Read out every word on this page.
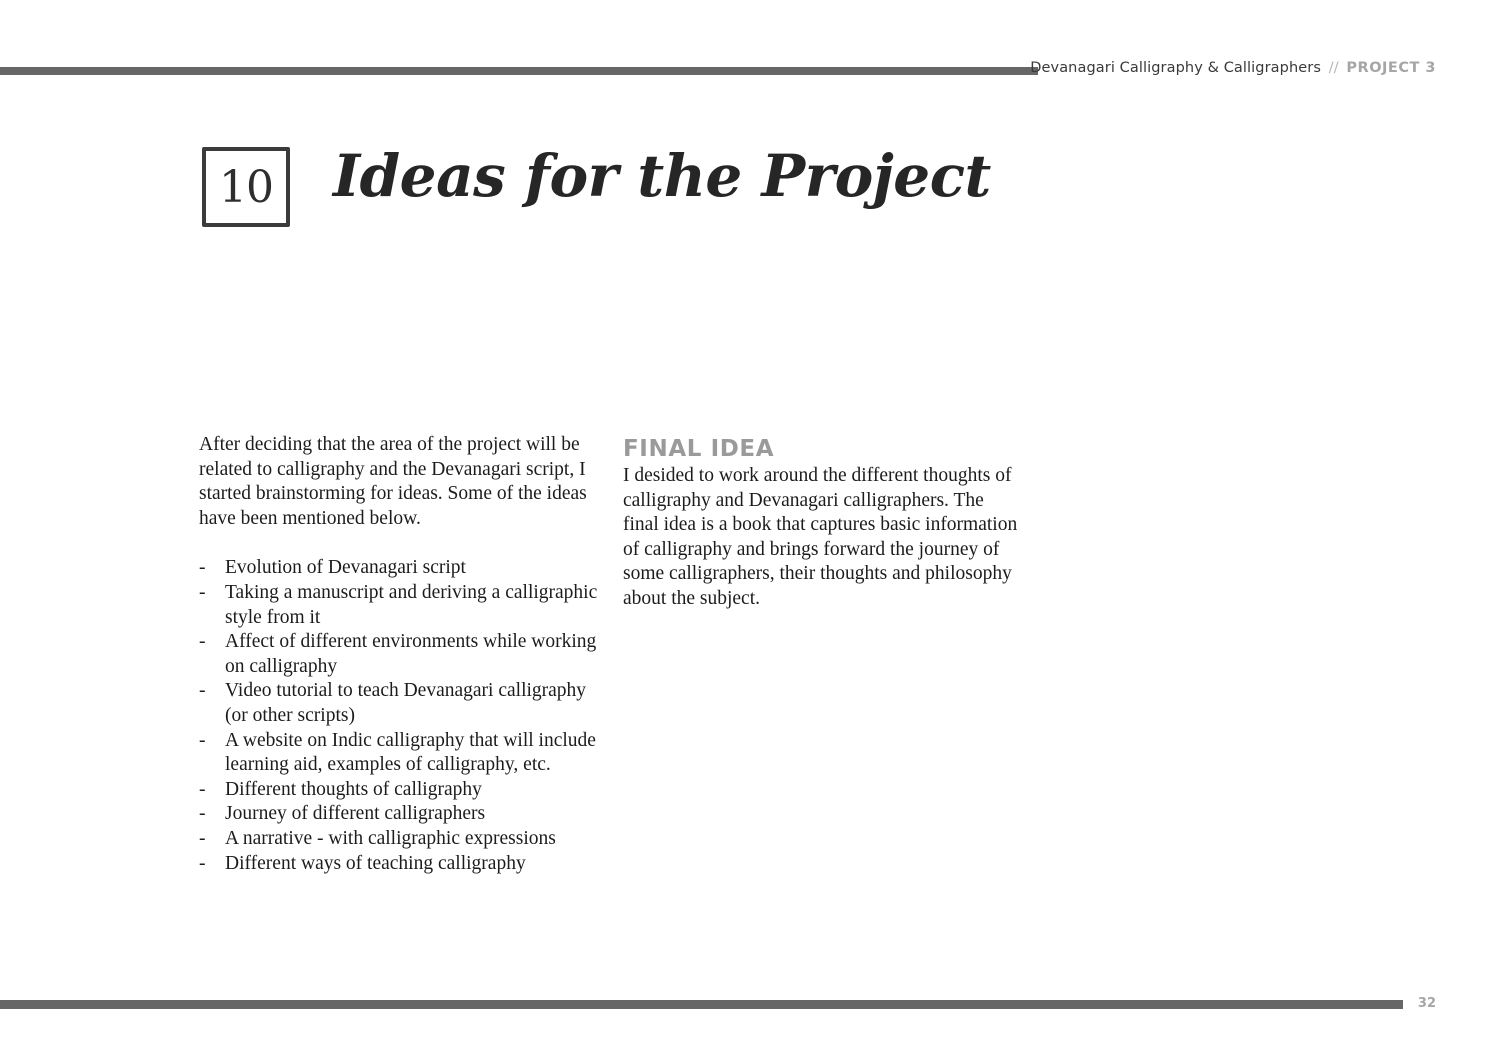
Devanagari Calligraphy & Calligraphers // PROJECT 3
10 Ideas for the Project

After deciding that the area of the project will be related to calligraphy and the Devanagari script, I started brainstorming for ideas. Some of the ideas have been mentioned below.

- Evolution of Devanagari script
- Taking a manuscript and deriving a calligraphic style from it
- Affect of different environments while working on calligraphy
- Video tutorial to teach Devanagari calligraphy (or other scripts)
- A website on Indic calligraphy that will include learning aid, examples of calligraphy, etc.
- Different thoughts of calligraphy
- Journey of different calligraphers
- A narrative - with calligraphic expressions
- Different ways of teaching calligraphy
FINAL IDEA

I desided to work around the different thoughts of calligraphy and Devanagari calligraphers. The final idea is a book that captures basic information of calligraphy and brings forward the journey of some calligraphers, their thoughts and philosophy about the subject.

32
